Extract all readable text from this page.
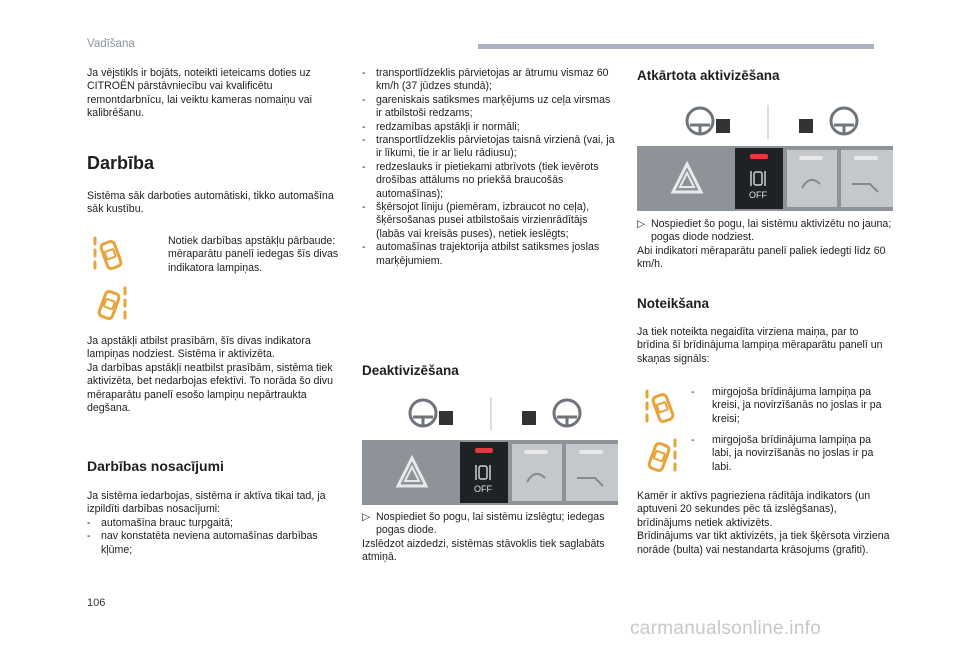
Vadīšana

Ja vējstikls ir bojāts, noteikti ieteicams doties uz CITROËN pārstāvniecību vai kvalificētu remontdarbnīcu, lai veiktu kameras nomaiņu vai kalibrēšanu.

Darbība

Sistēma sāk darboties automātiski, tikko automašīna sāk kustību.

Notiek darbības apstākļu pārbaude: mēraparātu panelī iedegas šīs divas indikatora lampiņas.

Ja apstākļi atbilst prasībām, šīs divas indikatora lampiņas nodziest. Sistēma ir aktivizēta.

Ja darbības apstākļi neatbilst prasībām, sistēma tiek aktivizēta, bet nedarbojas efektīvi. To norāda šo divu mēraparātu panelī esošo lampiņu nepārtraukta degšana.

Darbības nosacījumi

Ja sistēma iedarbojas, sistēma ir aktīva tikai tad, ja izpildīti darbības nosacījumi:

- automašīna brauc turpgaitā;
- nav konstatēta neviena automašīnas darbības kļūme;
- transportlīdzeklis pārvietojas ar ātrumu vismaz 60 km/h (37 jūdzes stundā);
- gareniskais satiksmes marķējums uz ceļa virsmas ir atbilstoši redzams;
- redzamības apstākļi ir normāli;
- transportlīdzeklis pārvietojas taisnā virzienā (vai, ja ir līkumi, tie ir ar lielu rādiusu);
- redzeslauks ir pietiekami atbrīvots (tiek ievērots drošības attālums no priekšā braucošās automašīnas);
- šķērsojot līniju (piemēram, izbraucot no ceļa), šķērsošanas pusei atbilstošais virzienrādītājs (labās vai kreisās puses), netiek ieslēgts;
- automašīnas trajektorija atbilst satiksmes joslas marķējumiem.
Deaktivizēšana
OFF
▷ Nospiediet šo pogu, lai sistēmu izslēgtu; iedegas pogas diode.

Izslēdzot aizdedzi, sistēmas stāvoklis tiek saglabāts atmiņā.

Atkārtota aktivizēšana
OFF
▷ Nospiediet šo pogu, lai sistēmu aktivizētu no jauna; pogas diode nodziest.

Abi indikatori mēraparātu panelī paliek iedegti līdz 60 km/h.

Noteikšana

Ja tiek noteikta negaidīta virziena maiņa, par to brīdina šī brīdinājuma lampiņa mēraparātu panelī un skaņas signāls:

- mirgojoša brīdinājuma lampiņa pa kreisi, ja novirzīšanās no joslas ir pa kreisi;
- mirgojoša brīdinājuma lampiņa pa labi, ja novirzīšanās no joslas ir pa labi.

Kamēr ir aktīvs pagrieziena rādītāja indikators (un aptuveni 20 sekundes pēc tā izslēgšanas), brīdinājums netiek aktivizēts.

Brīdinājums var tikt aktivizēts, ja tiek šķērsota virziena norāde (bulta) vai nestandarta krāsojums (grafiti).

106
carmanualsonline.info
